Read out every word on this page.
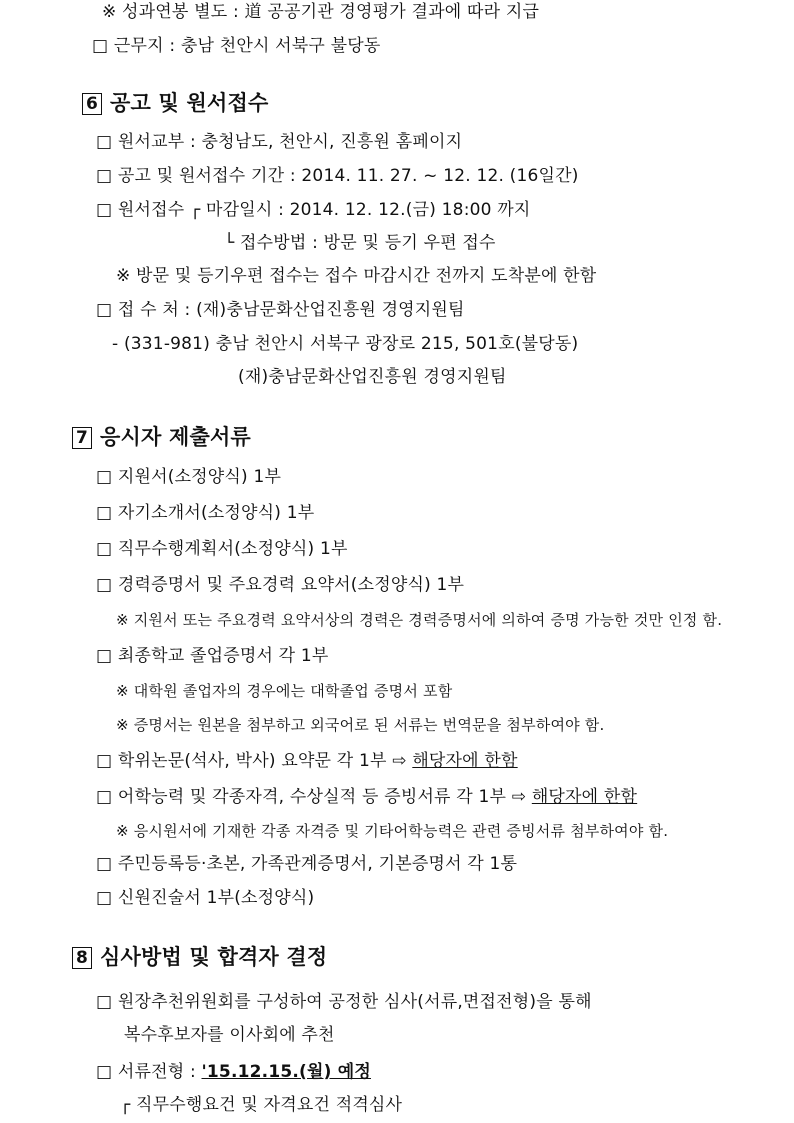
※ 성과연봉 별도 : 道 공공기관 경영평가 결과에 따라 지급
□ 근무지 : 충남 천안시 서북구 불당동
6 공고 및 원서접수
□ 원서교부 : 충청남도, 천안시, 진흥원 홈페이지
□ 공고 및 원서접수 기간 : 2014. 11. 27. ~ 12. 12. (16일간)
□ 원서접수 ┌ 마감일시 : 2014. 12. 12.(금) 18:00 까지
└ 접수방법 : 방문 및 등기 우편 접수
※ 방문 및 등기우편 접수는 접수 마감시간 전까지 도착분에 한함
□ 접 수 처 : (재)충남문화산업진흥원 경영지원팀
- (331-981) 충남 천안시 서북구 광장로 215, 501호(불당동)
(재)충남문화산업진흥원 경영지원팀
7 응시자 제출서류
□ 지원서(소정양식) 1부
□ 자기소개서(소정양식) 1부
□ 직무수행계획서(소정양식) 1부
□ 경력증명서 및 주요경력 요약서(소정양식) 1부
※ 지원서 또는 주요경력 요약서상의 경력은 경력증명서에 의하여 증명 가능한 것만 인정 함.
□ 최종학교 졸업증명서 각 1부
※ 대학원 졸업자의 경우에는 대학졸업 증명서 포함
※ 증명서는 원본을 첨부하고 외국어로 된 서류는 번역문을 첨부하여야 함.
□ 학위논문(석사, 박사) 요약문 각 1부 ⇨ 해당자에 한함
□ 어학능력 및 각종자격, 수상실적 등 증빙서류 각 1부 ⇨ 해당자에 한함
※ 응시원서에 기재한 각종 자격증 및 기타어학능력은 관련 증빙서류 첨부하여야 함.
□ 주민등록등·초본, 가족관계증명서, 기본증명서 각 1통
□ 신원진술서 1부(소정양식)
8 심사방법 및 합격자 결정
□ 원장추천위원회를 구성하여 공정한 심사(서류,면접전형)을 통해
복수후보자를 이사회에 추천
□ 서류전형 : '15.12.15.(월) 예정
┌ 직무수행요건 및 자격요건 적격심사
